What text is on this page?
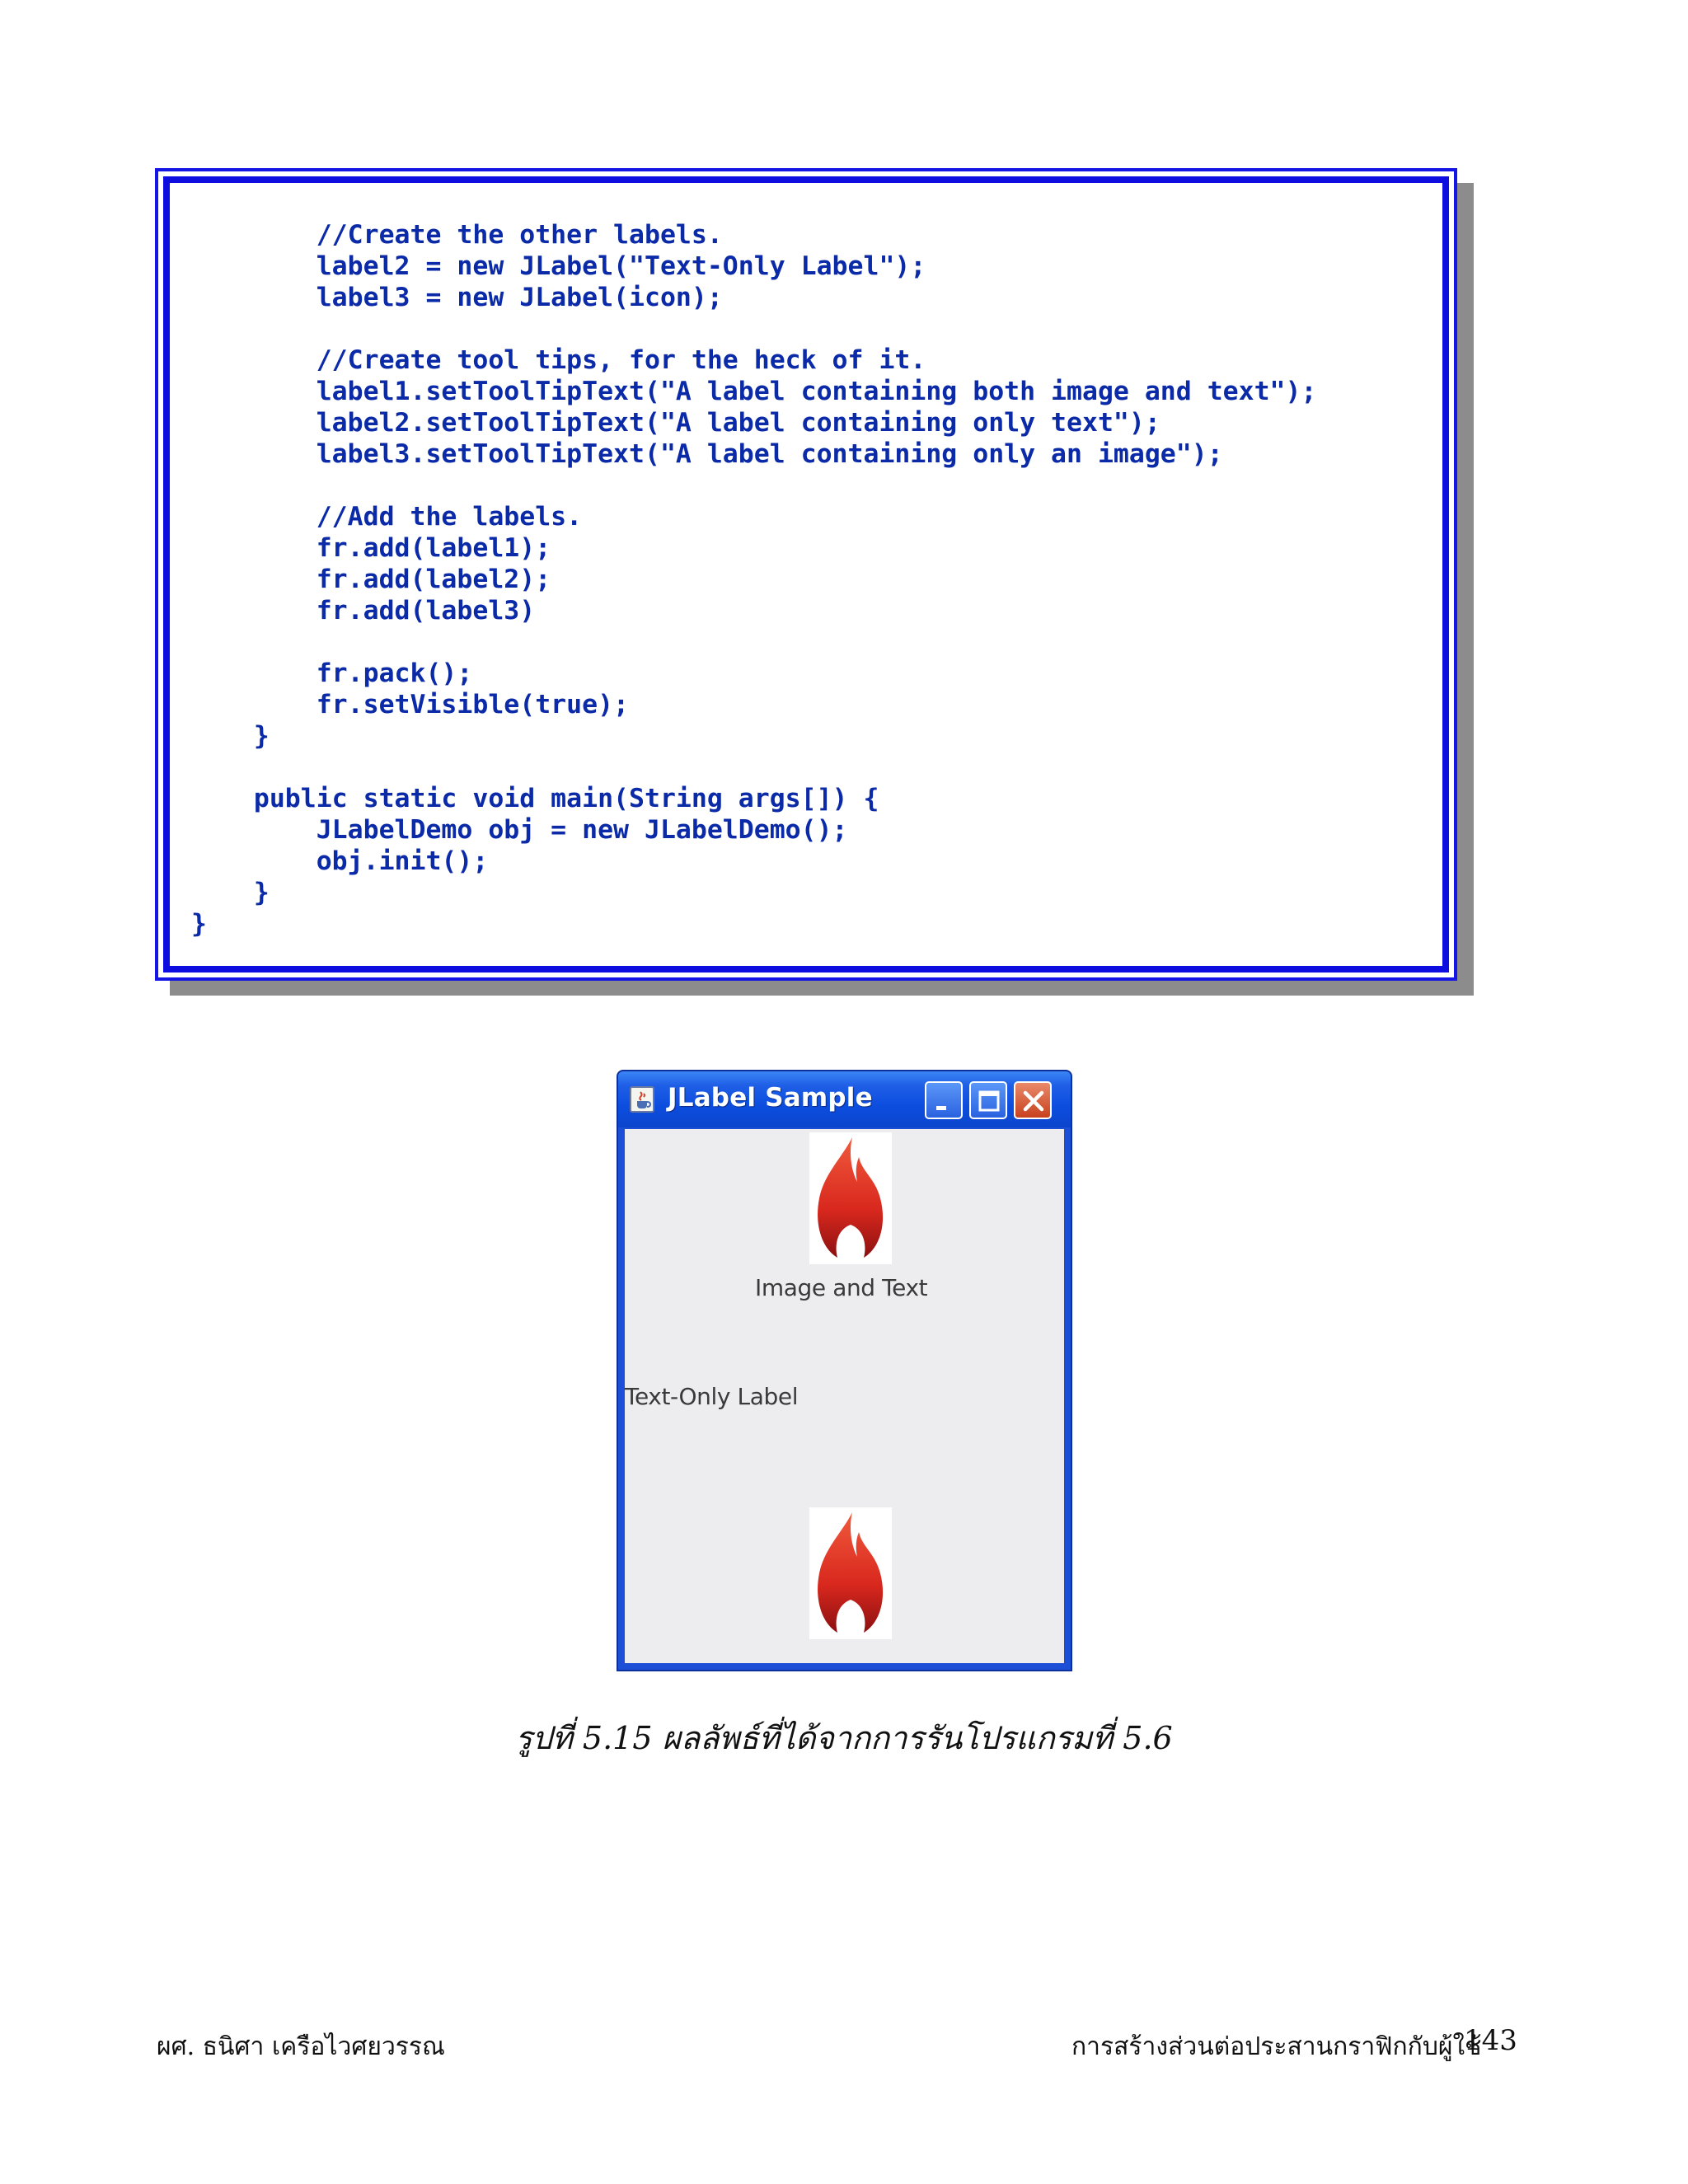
//Create the other labels.
label2 = new JLabel("Text-Only Label");
label3 = new JLabel(icon);
//Create tool tips, for the heck of it.
label1.setToolTipText("A label containing both image and text");
label2.setToolTipText("A label containing only text");
label3.setToolTipText("A label containing only an image");
//Add the labels.
fr.add(label1);
fr.add(label2);
fr.add(label3)
fr.pack();
fr.setVisible(true);
}
public static void main(String args[]) {
JLabelDemo obj = new JLabelDemo();
obj.init();
}
}
JLabel Sample
Image and Text
Text-Only Label
รูปที่ 5.15 ผลลัพธ์ที่ได้จากการรันโปรแกรมที่ 5.6
ผศ. ธนิศา เครือไวศยวรรณ	การสร้างส่วนต่อประสานกราฟิกกับผู้ใช้
143
